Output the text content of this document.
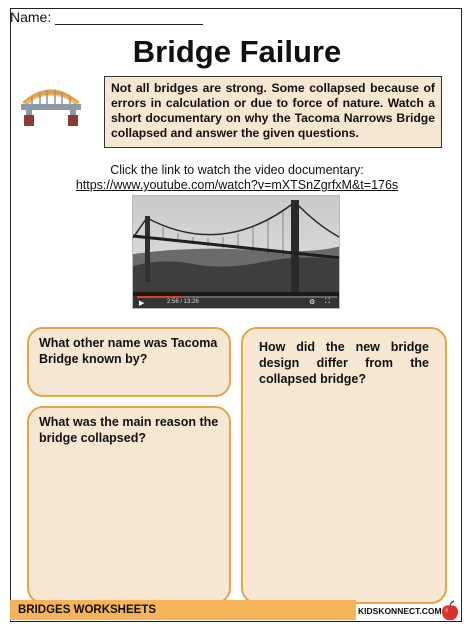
Name:
Bridge Failure
Not all bridges are strong. Some collapsed because of errors in calculation or due to force of nature. Watch a short documentary on why the Tacoma Narrows Bridge collapsed and answer the given questions.
Click the link to watch the video documentary:
https://www.youtube.com/watch?v=mXTSnZgrfxM&t=176s
2:56 / 13:26
▶	⚙ ⛶
What other name was Tacoma Bridge known by?
What was the main reason the bridge collapsed?
How did the new bridge design differ from the collapsed bridge?
BRIDGES WORKSHEETS	KIDSKONNECT.COM
